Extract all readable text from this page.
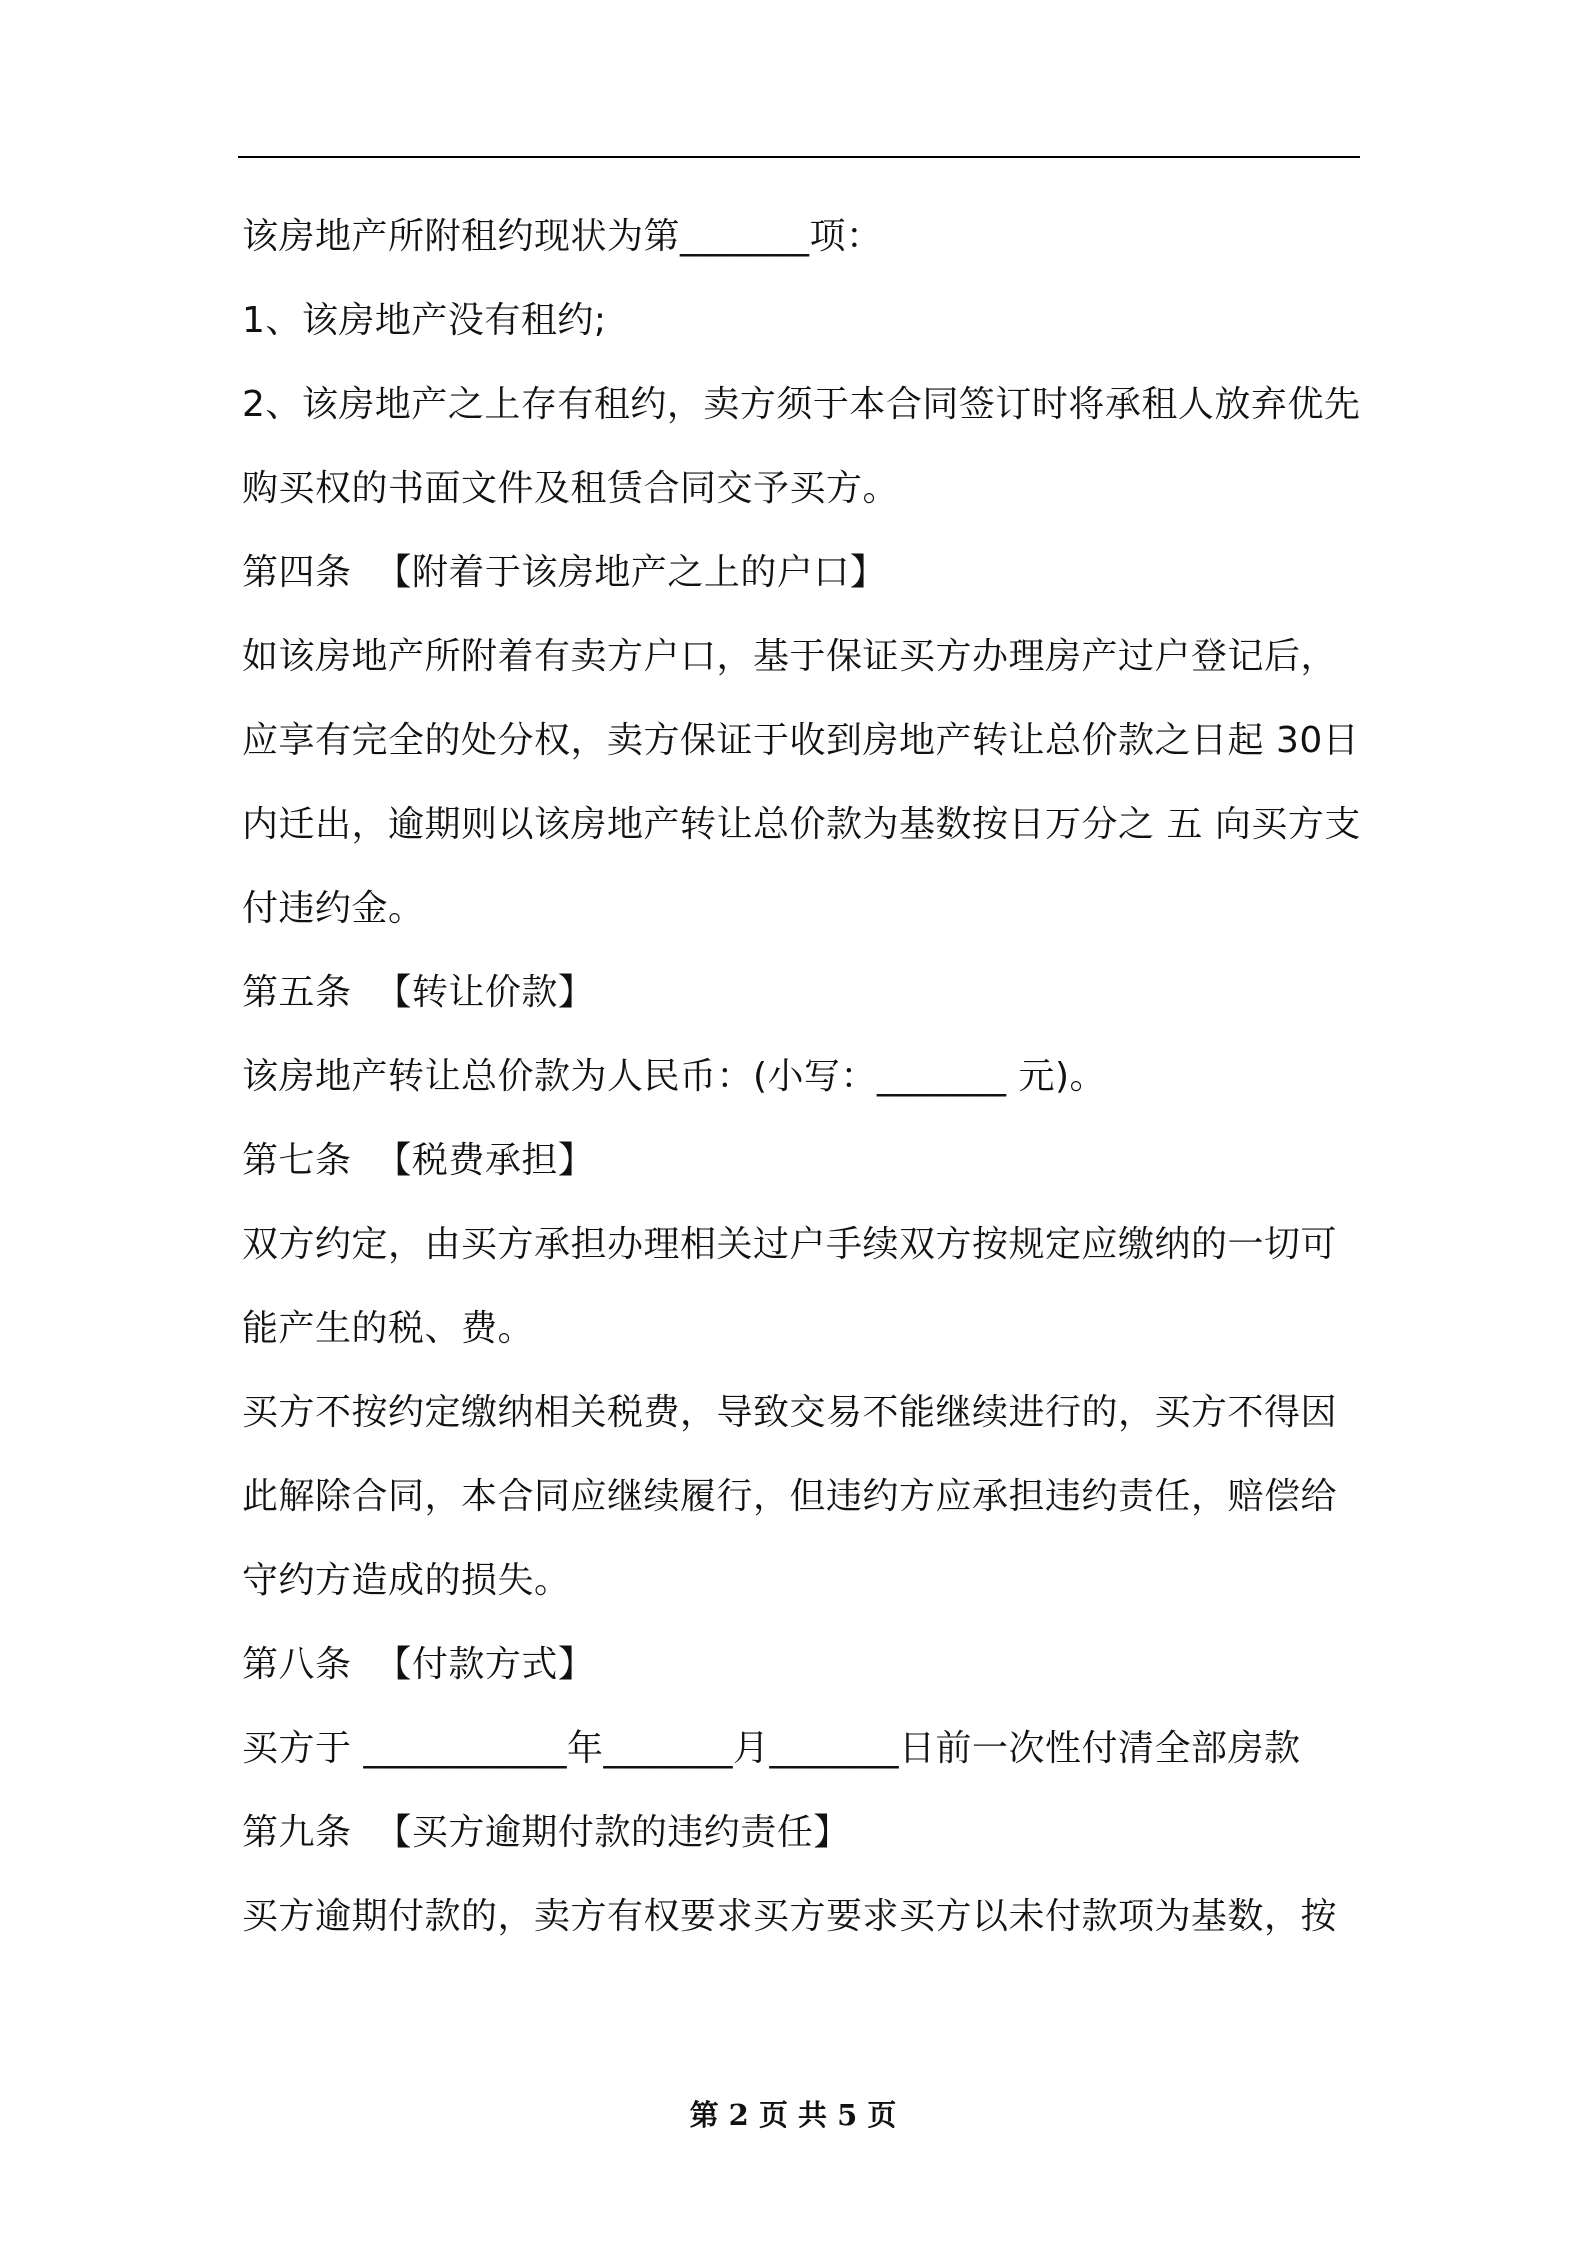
该房地产所附租约现状为第_______项：

1、该房地产没有租约;

2、该房地产之上存有租约，卖方须于本合同签订时将承租人放弃优先购买权的书面文件及租赁合同交予买方。

第四条  【附着于该房地产之上的户口】

如该房地产所附着有卖方户口，基于保证买方办理房产过户登记后，应享有完全的处分权，卖方保证于收到房地产转让总价款之日起 30日内迁出，逾期则以该房地产转让总价款为基数按日万分之 五 向买方支付违约金。

第五条  【转让价款】

该房地产转让总价款为人民币：(小写：_______ 元)。

第七条  【税费承担】

双方约定，由买方承担办理相关过户手续双方按规定应缴纳的一切可能产生的税、费。

买方不按约定缴纳相关税费，导致交易不能继续进行的，买方不得因此解除合同，本合同应继续履行，但违约方应承担违约责任，赔偿给守约方造成的损失。

第八条  【付款方式】

买方于 ___________年_______月_______日前一次性付清全部房款

第九条  【买方逾期付款的违约责任】

买方逾期付款的，卖方有权要求买方要求买方以未付款项为基数，按

第 2 页 共 5 页
